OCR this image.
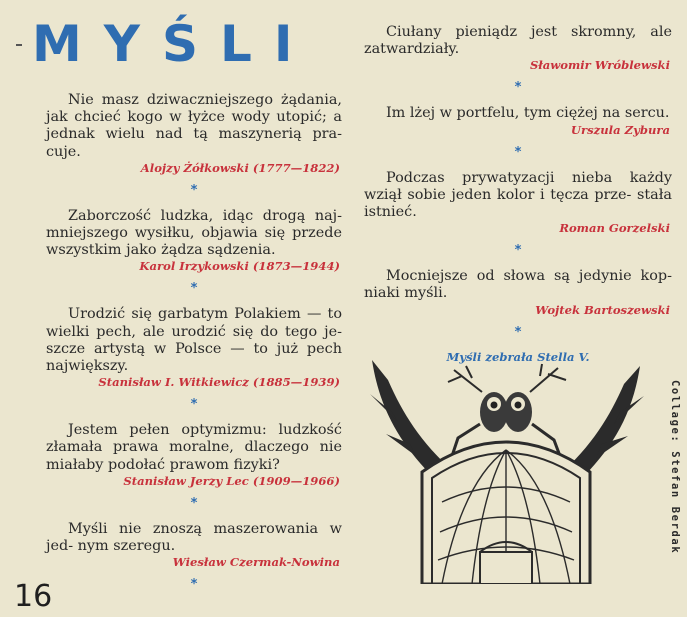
MYŚLI

Nie masz dziwaczniejszego żądania, jak chcieć kogo w łyżce wody utopić; a jednak wielu nad tą maszynerią pra- cuje.

Alojzy Żółkowski (1777—1822)
*

Zaborczość ludzka, idąc drogą naj- mniejszego wysiłku, objawia się przede wszystkim jako żądza sądzenia.

Karol Irzykowski (1873—1944)
*

Urodzić się garbatym Polakiem — to wielki pech, ale urodzić się do tego je- szcze artystą w Polsce — to już pech największy.

Stanisław I. Witkiewicz (1885—1939)
*

Jestem pełen optymizmu: ludzkość złamała prawa moralne, dlaczego nie miałaby podołać prawom fizyki?

Stanisław Jerzy Lec (1909—1966)
*

Myśli nie znoszą maszerowania w jed- nym szeregu.

Wiesław Czermak-Nowina
*

Ciułany pieniądz jest skromny, ale zatwardziały.

Sławomir Wróblewski
*

Im lżej w portfelu, tym ciężej na sercu.

Urszula Zybura
*

Podczas prywatyzacji nieba każdy wziął sobie jeden kolor i tęcza prze- stała istnieć.

Roman Gorzelski
*

Mocniejsze od słowa są jedynie kop- niaki myśli.

Wojtek Bartoszewski
*
Myśli zebrała Stella V.
Collage: Stefan Berdak
16
